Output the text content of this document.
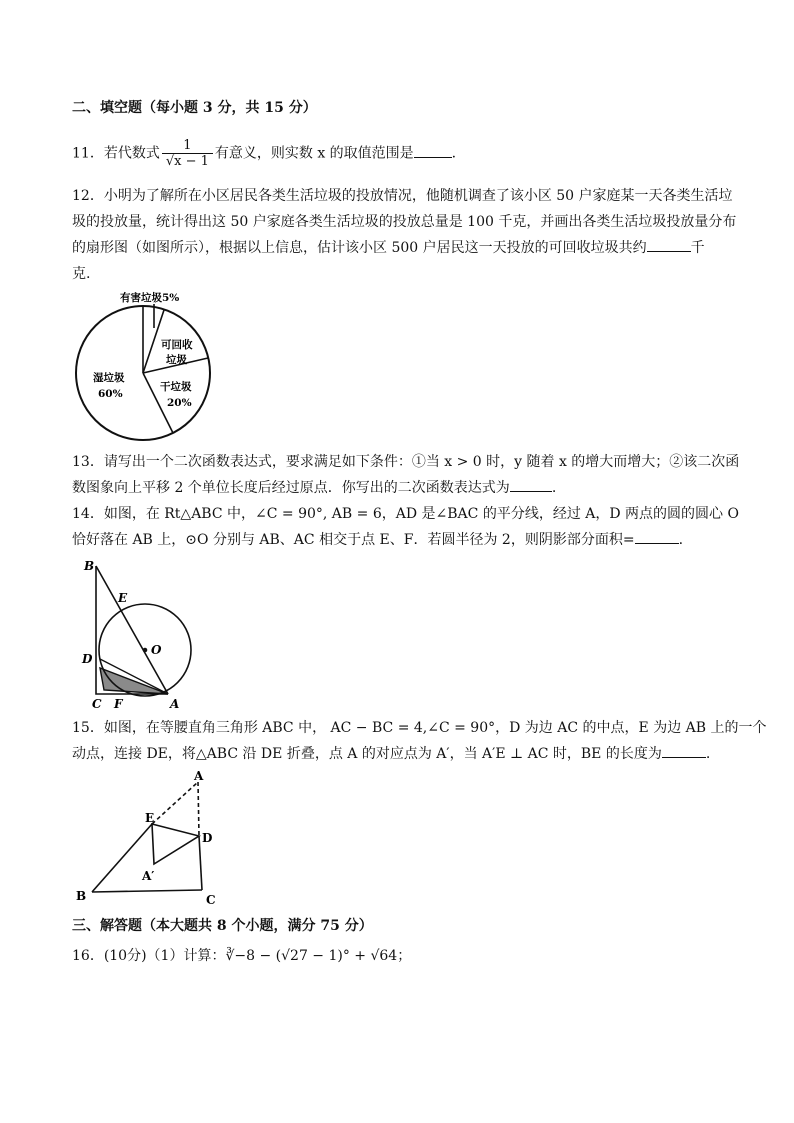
二、填空题（每小题 3 分，共 15 分）
11．若代数式 $\frac{1}{√x - 1}$ 有意义，则实数 x 的取值范围是	.
12．小明为了解所在小区居民各类生活垃圾的投放情况，他随机调查了该小区 50 户家庭某一天各类生活垃
圾的投放量，统计得出这 50 户家庭各类生活垃圾的投放总量是 100 千克，并画出各类生活垃圾投放量分布
的扇形图（如图所示），根据以上信息，估计该小区 500 户居民这一天投放的可回收垃圾共约	千
克.
有害垃圾5%
可回收
垃圾
湿垃圾
60%
干垃圾
20%
13．请写出一个二次函数表达式，要求满足如下条件：①当 x > 0 时，y 随着 x 的增大而增大；②该二次函
数图象向上平移 2 个单位长度后经过原点．你写出的二次函数表达式为	.
14．如图，在 Rt△ABC 中，∠C = 90°, AB = 6，AD 是∠BAC 的平分线，经过 A，D 两点的圆的圆心 O
恰好落在 AB 上，⊙O 分别与 AB、AC 相交于点 E、F．若圆半径为 2，则阴影部分面积=	.
B
E
O
D
C F	A
15．如图，在等腰直角三角形 ABC 中， AC − BC = 4,∠C = 90°，D 为边 AC 的中点，E 为边 AB 上的一个
动点，连接 DE，将△ABC 沿 DE 折叠，点 A 的对应点为 A′，当 A′E ⊥ AC 时，BE 的长度为	.
A
E
D
A′
B	C
三、解答题（本大题共 8 个小题，满分 75 分）
16．(10分)（1）计算：∛−8 − (√27 − 1)° + √64；
